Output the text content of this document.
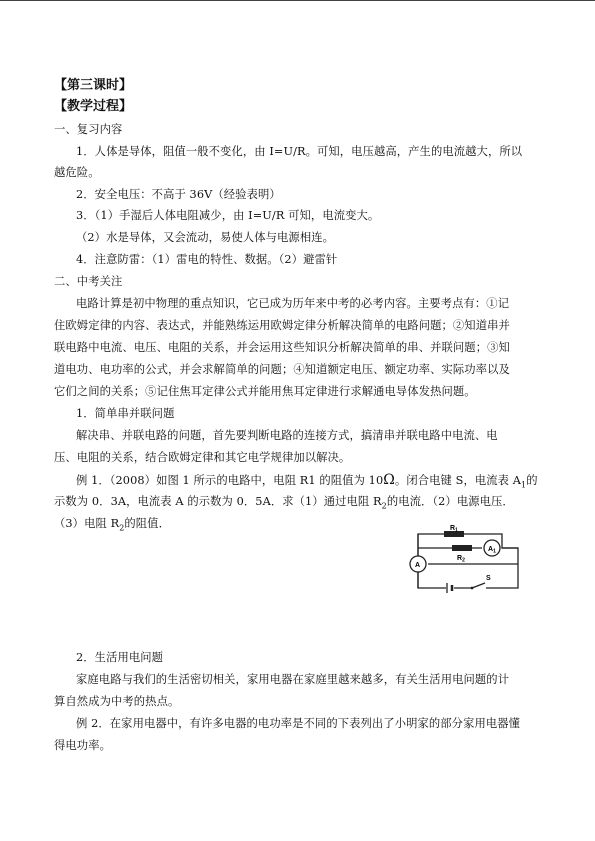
【第三课时】
【教学过程】
一、复习内容
1．人体是导体，阻值一般不变化，由 I=U/R。可知，电压越高，产生的电流越大，所以
越危险。
2．安全电压：不高于 36V（经验表明）
3．（1）手湿后人体电阻减少，由 I=U/R 可知，电流变大。
（2）水是导体，又会流动，易使人体与电源相连。
4．注意防雷：（1）雷电的特性、数据。（2）避雷针
二、中考关注
电路计算是初中物理的重点知识，它已成为历年来中考的必考内容。主要考点有：①记
住欧姆定律的内容、表达式，并能熟练运用欧姆定律分析解决简单的电路问题；②知道串并
联电路中电流、电压、电阻的关系，并会运用这些知识分析解决简单的串、并联问题；③知
道电功、电功率的公式，并会求解简单的问题；④知道额定电压、额定功率、实际功率以及
它们之间的关系；⑤记住焦耳定律公式并能用焦耳定律进行求解通电导体发热问题。
1．简单串并联问题
解决串、并联电路的问题，首先要判断电路的连接方式，搞清串并联电路中电流、电
压、电阻的关系，结合欧姆定律和其它电学规律加以解决。
例 1．（2008）如图 1 所示的电路中，电阻 R1 的阻值为 10Ω。闭合电键 S，电流表 $A_1$的
示数为 0．3A，电流表 A 的示数为 0．5A．求（1）通过电阻 $R_2$的电流．（2）电源电压．
（3）电阻 $R_2$的阻值．	$R_1$
$R_2$
$A_1$
A
S
2．生活用电问题
家庭电路与我们的生活密切相关，家用电器在家庭里越来越多，有关生活用电问题的计
算自然成为中考的热点。
例 2．在家用电器中，有许多电器的电功率是不同的下表列出了小明家的部分家用电器懂
得电功率。
